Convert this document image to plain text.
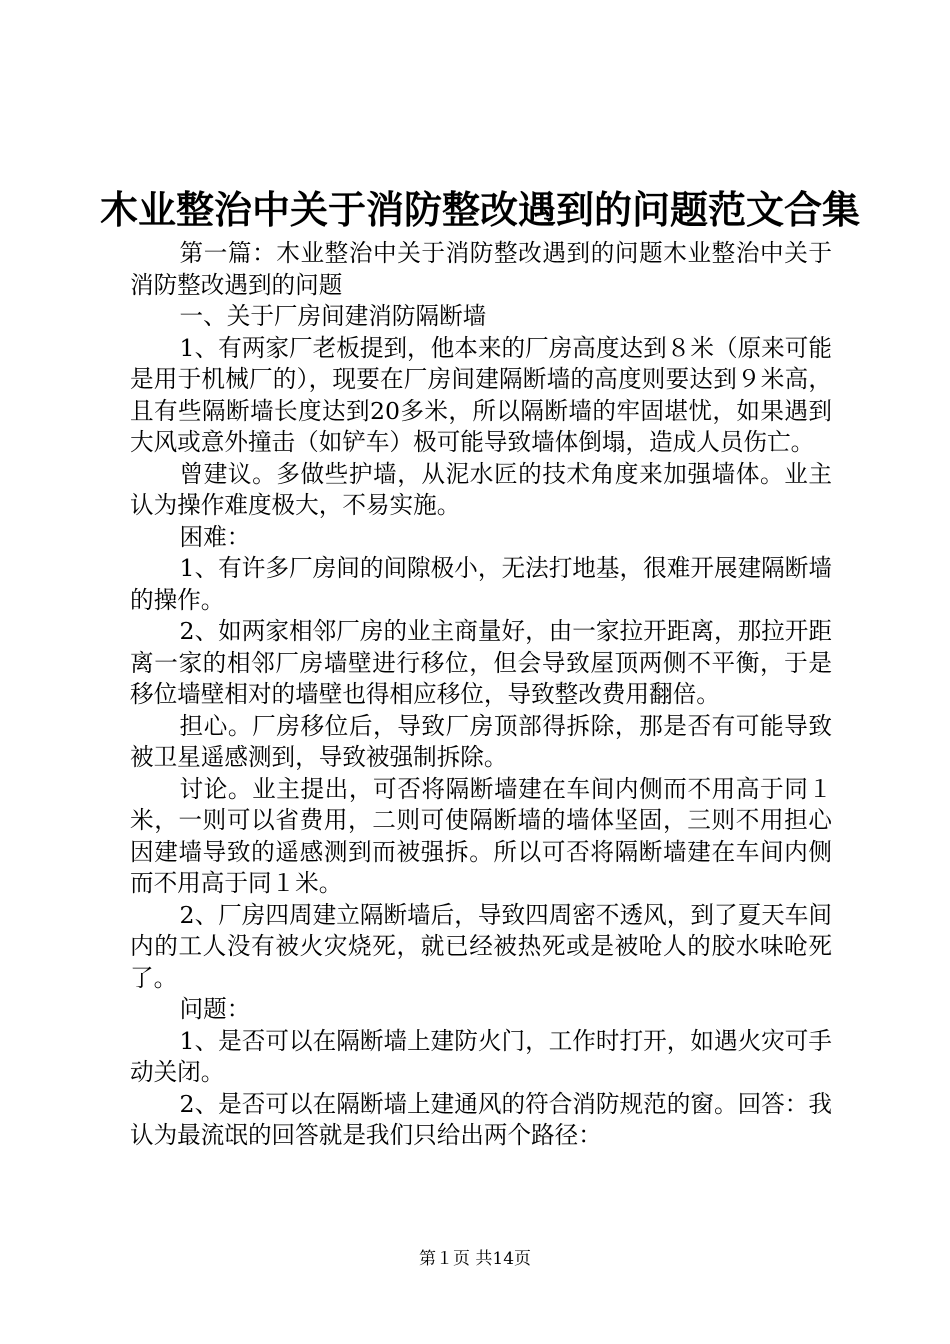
木业整治中关于消防整改遇到的问题范文合集

第一篇：木业整治中关于消防整改遇到的问题木业整治中关于消防整改遇到的问题

一、关于厂房间建消防隔断墙

1、有两家厂老板提到，他本来的厂房高度达到８米（原来可能是用于机械厂的），现要在厂房间建隔断墙的高度则要达到９米高，且有些隔断墙长度达到20多米，所以隔断墙的牢固堪忧，如果遇到大风或意外撞击（如铲车）极可能导致墙体倒塌，造成人员伤亡。

曾建议。多做些护墙，从泥水匠的技术角度来加强墙体。业主认为操作难度极大，不易实施。

困难：

1、有许多厂房间的间隙极小，无法打地基，很难开展建隔断墙的操作。

2、如两家相邻厂房的业主商量好，由一家拉开距离，那拉开距离一家的相邻厂房墙壁进行移位，但会导致屋顶两侧不平衡，于是移位墙壁相对的墙壁也得相应移位，导致整改费用翻倍。

担心。厂房移位后，导致厂房顶部得拆除，那是否有可能导致被卫星遥感测到，导致被强制拆除。

讨论。业主提出，可否将隔断墙建在车间内侧而不用高于同１米，一则可以省费用，二则可使隔断墙的墙体坚固，三则不用担心因建墙导致的遥感测到而被强拆。所以可否将隔断墙建在车间内侧而不用高于同１米。

2、厂房四周建立隔断墙后，导致四周密不透风，到了夏天车间内的工人没有被火灾烧死，就已经被热死或是被呛人的胶水味呛死了。

问题：

1、是否可以在隔断墙上建防火门，工作时打开，如遇火灾可手动关闭。

2、是否可以在隔断墙上建通风的符合消防规范的窗。回答：我认为最流氓的回答就是我们只给出两个路径：

第１页 共14页
